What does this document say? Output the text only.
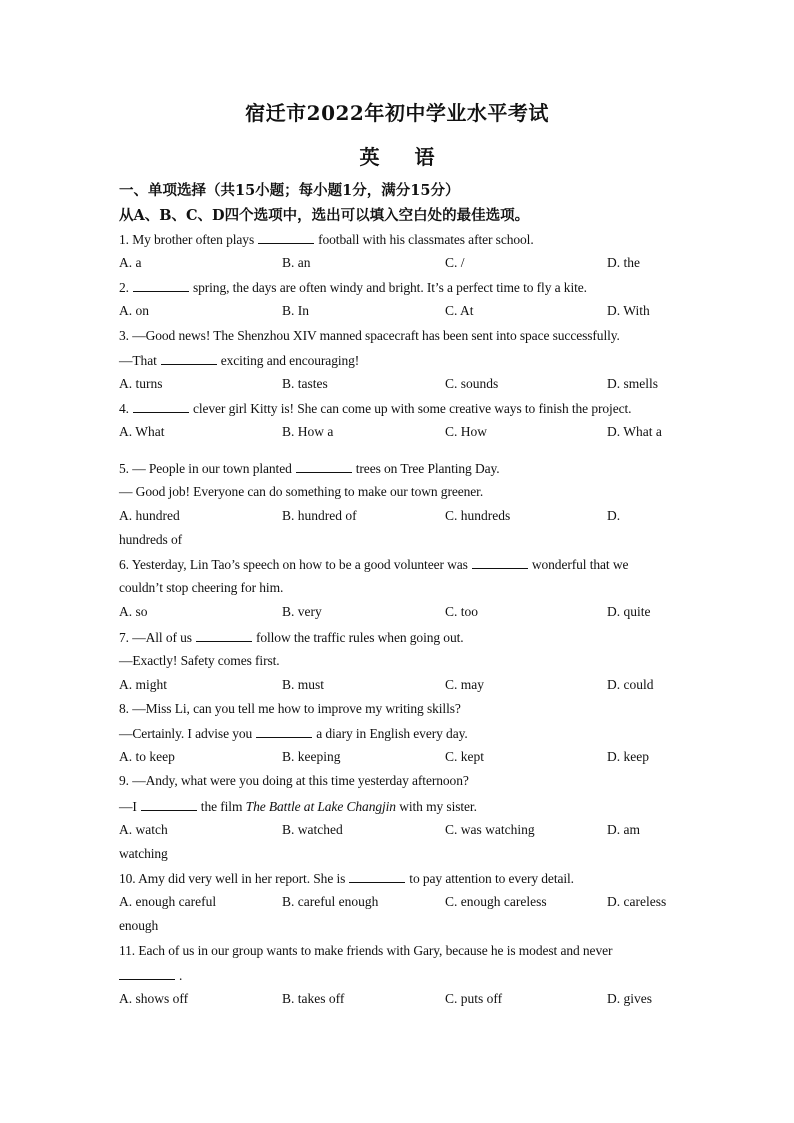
宿迁市2022年初中学业水平考试
英 语
一、单项选择（共15小题；每小题1分，满分15分）
从A、B、C、D四个选项中，选出可以填入空白处的最佳选项。
1. My brother often plays	football with his classmates after school.
A. a	B. an	C. /	D. the
2.	spring, the days are often windy and bright. It’s a perfect time to fly a kite.
A. on	B. In	C. At	D. With
3. —Good news! The Shenzhou XIV manned spacecraft has been sent into space successfully.
—That	exciting and encouraging!
A. turns	B. tastes	C. sounds	D. smells
4.	clever girl Kitty is! She can come up with some creative ways to finish the project.
A. What	B. How a	C. How	D. What a
5. — People in our town planted	trees on Tree Planting Day.
— Good job! Everyone can do something to make our town greener.
A. hundred	B. hundred of	C. hundreds	D.
hundreds of
6. Yesterday, Lin Tao’s speech on how to be a good volunteer was	wonderful that we
couldn’t stop cheering for him.
A. so	B. very	C. too	D. quite
7. —All of us	follow the traffic rules when going out.
—Exactly! Safety comes first.
A. might	B. must	C. may	D. could
8. —Miss Li, can you tell me how to improve my writing skills?
—Certainly. I advise you	a diary in English every day.
A. to keep	B. keeping	C. kept	D. keep
9. —Andy, what were you doing at this time yesterday afternoon?
—I	the film The Battle at Lake Changjin with my sister.
A. watch	B. watched	C. was watching	D. am
watching
10. Amy did very well in her report. She is	to pay attention to every detail.
A. enough careful	B. careful enough	C. enough careless	D. careless
enough
11. Each of us in our group wants to make friends with Gary, because he is modest and never
.
A. shows off	B. takes off	C. puts off	D. gives
